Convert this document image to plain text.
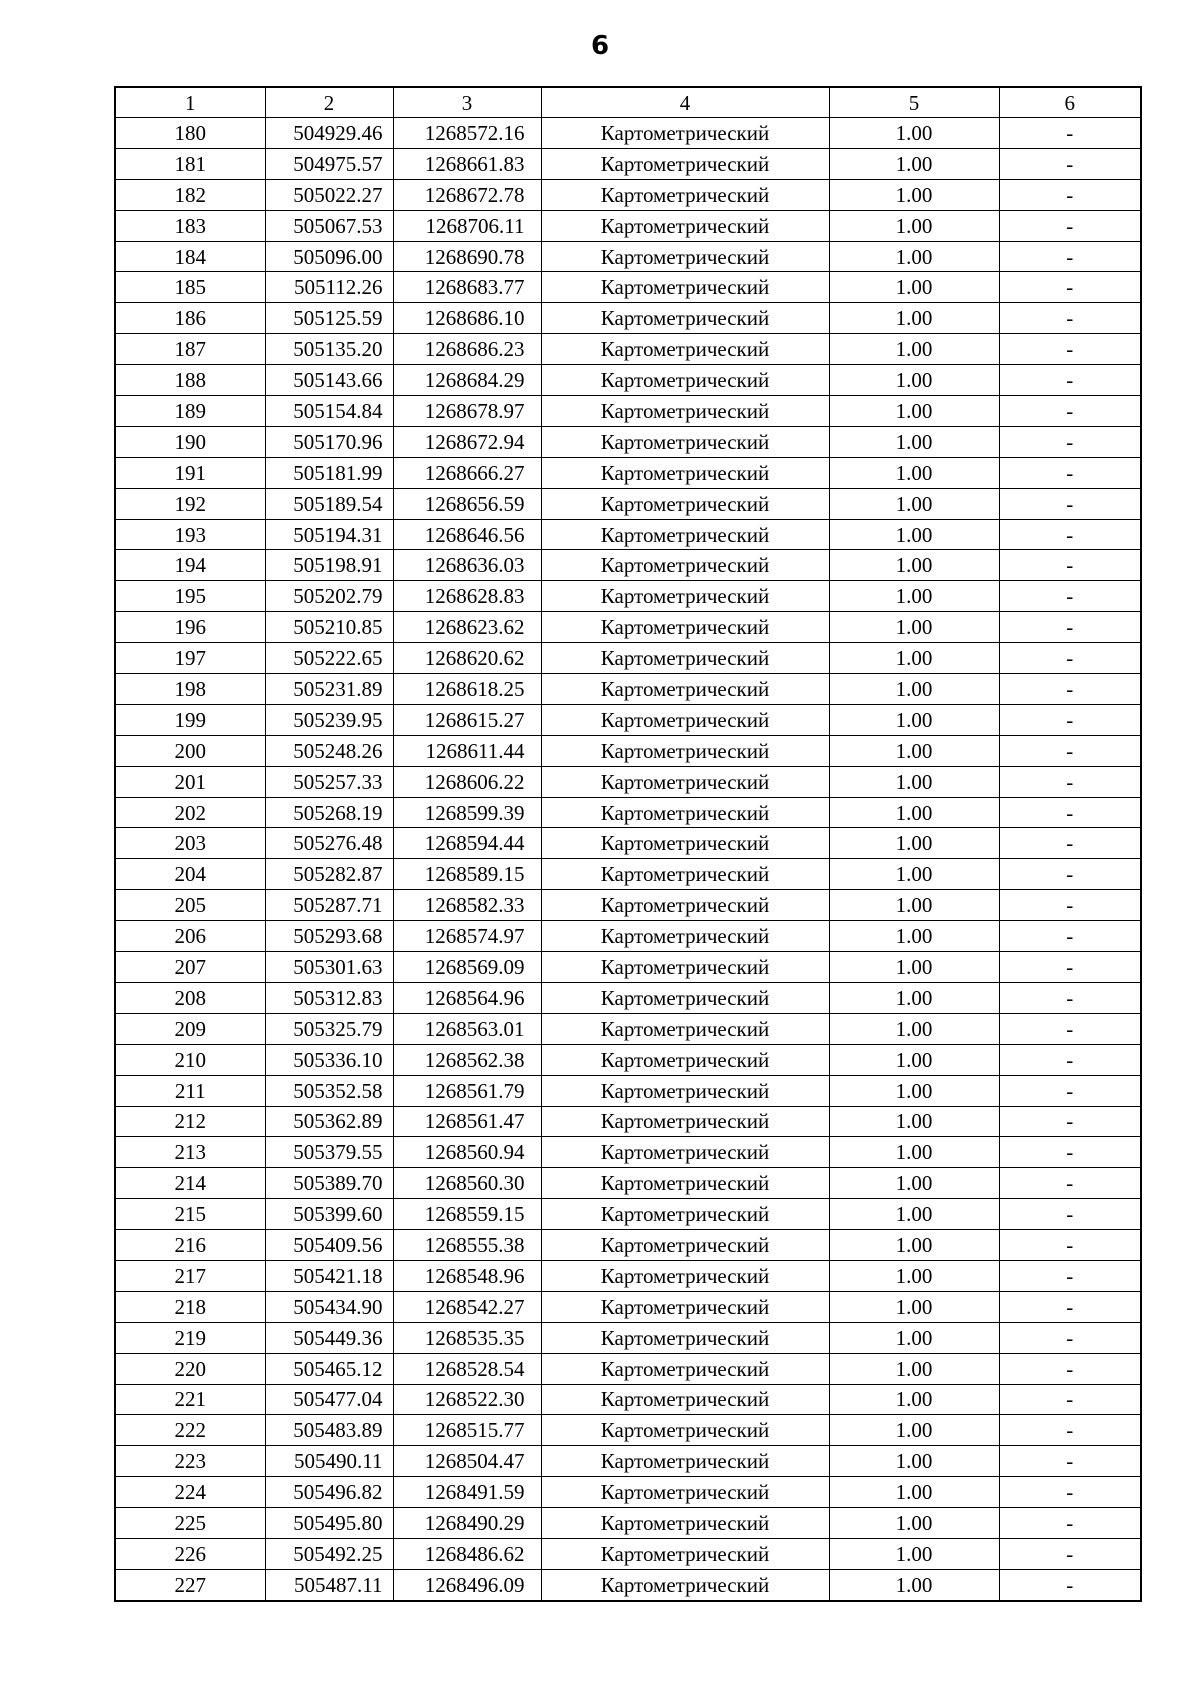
6
1	2	3	4	5	6
180	504929.46	1268572.16	Картометрический	1.00	-
181	504975.57	1268661.83	Картометрический	1.00	-
182	505022.27	1268672.78	Картометрический	1.00	-
183	505067.53	1268706.11	Картометрический	1.00	-
184	505096.00	1268690.78	Картометрический	1.00	-
185	505112.26	1268683.77	Картометрический	1.00	-
186	505125.59	1268686.10	Картометрический	1.00	-
187	505135.20	1268686.23	Картометрический	1.00	-
188	505143.66	1268684.29	Картометрический	1.00	-
189	505154.84	1268678.97	Картометрический	1.00	-
190	505170.96	1268672.94	Картометрический	1.00	-
191	505181.99	1268666.27	Картометрический	1.00	-
192	505189.54	1268656.59	Картометрический	1.00	-
193	505194.31	1268646.56	Картометрический	1.00	-
194	505198.91	1268636.03	Картометрический	1.00	-
195	505202.79	1268628.83	Картометрический	1.00	-
196	505210.85	1268623.62	Картометрический	1.00	-
197	505222.65	1268620.62	Картометрический	1.00	-
198	505231.89	1268618.25	Картометрический	1.00	-
199	505239.95	1268615.27	Картометрический	1.00	-
200	505248.26	1268611.44	Картометрический	1.00	-
201	505257.33	1268606.22	Картометрический	1.00	-
202	505268.19	1268599.39	Картометрический	1.00	-
203	505276.48	1268594.44	Картометрический	1.00	-
204	505282.87	1268589.15	Картометрический	1.00	-
205	505287.71	1268582.33	Картометрический	1.00	-
206	505293.68	1268574.97	Картометрический	1.00	-
207	505301.63	1268569.09	Картометрический	1.00	-
208	505312.83	1268564.96	Картометрический	1.00	-
209	505325.79	1268563.01	Картометрический	1.00	-
210	505336.10	1268562.38	Картометрический	1.00	-
211	505352.58	1268561.79	Картометрический	1.00	-
212	505362.89	1268561.47	Картометрический	1.00	-
213	505379.55	1268560.94	Картометрический	1.00	-
214	505389.70	1268560.30	Картометрический	1.00	-
215	505399.60	1268559.15	Картометрический	1.00	-
216	505409.56	1268555.38	Картометрический	1.00	-
217	505421.18	1268548.96	Картометрический	1.00	-
218	505434.90	1268542.27	Картометрический	1.00	-
219	505449.36	1268535.35	Картометрический	1.00	-
220	505465.12	1268528.54	Картометрический	1.00	-
221	505477.04	1268522.30	Картометрический	1.00	-
222	505483.89	1268515.77	Картометрический	1.00	-
223	505490.11	1268504.47	Картометрический	1.00	-
224	505496.82	1268491.59	Картометрический	1.00	-
225	505495.80	1268490.29	Картометрический	1.00	-
226	505492.25	1268486.62	Картометрический	1.00	-
227	505487.11	1268496.09	Картометрический	1.00	-
